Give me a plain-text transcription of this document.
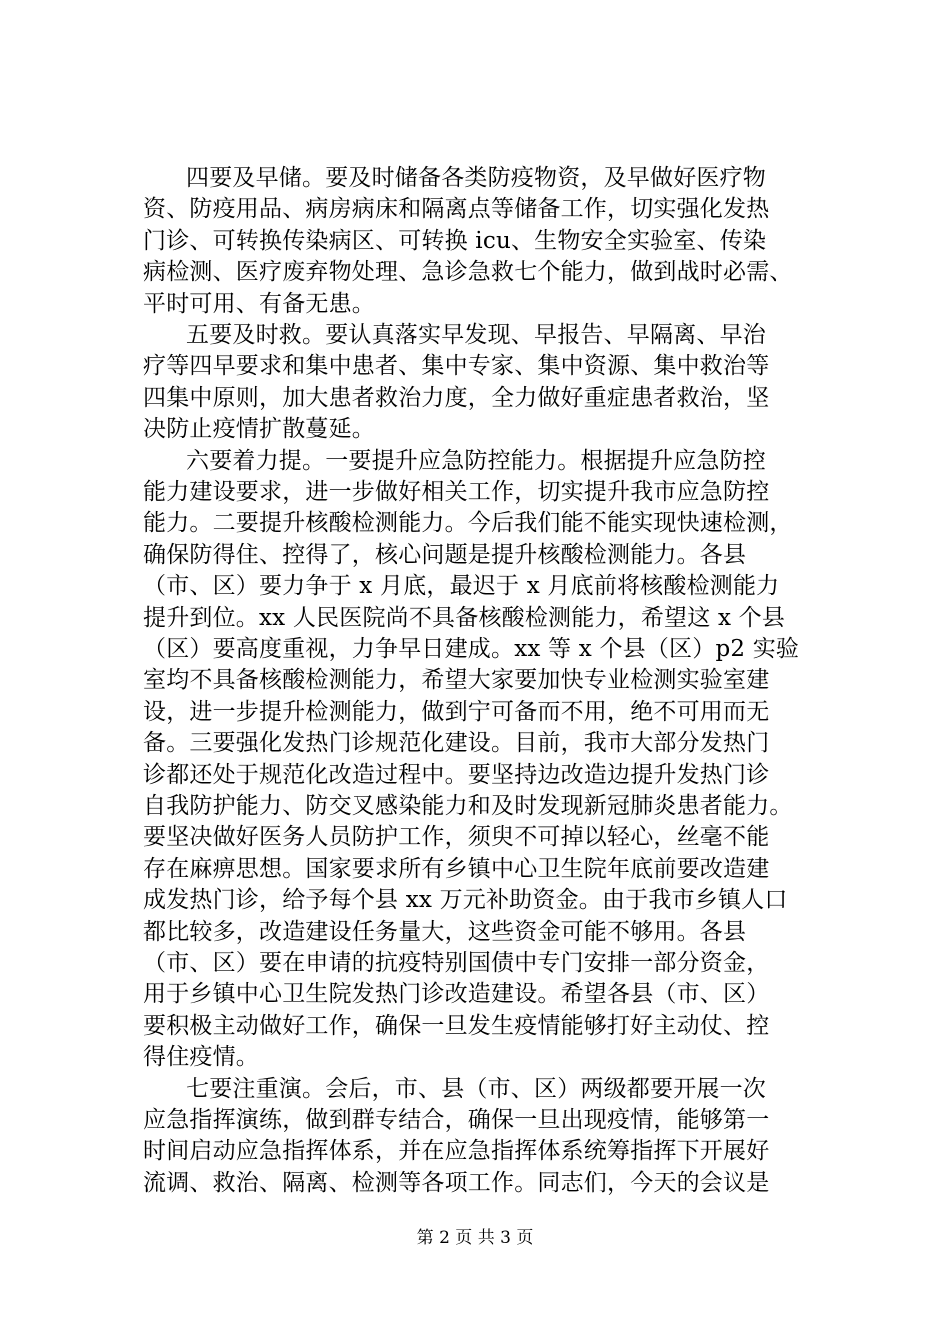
四要及早储。要及时储备各类防疫物资，及早做好医疗物
资、防疫用品、病房病床和隔离点等储备工作，切实强化发热
门诊、可转换传染病区、可转换 icu、生物安全实验室、传染
病检测、医疗废弃物处理、急诊急救七个能力，做到战时必需、
平时可用、有备无患。
五要及时救。要认真落实早发现、早报告、早隔离、早治
疗等四早要求和集中患者、集中专家、集中资源、集中救治等
四集中原则，加大患者救治力度，全力做好重症患者救治，坚
决防止疫情扩散蔓延。
六要着力提。一要提升应急防控能力。根据提升应急防控
能力建设要求，进一步做好相关工作，切实提升我市应急防控
能力。二要提升核酸检测能力。今后我们能不能实现快速检测，
确保防得住、控得了，核心问题是提升核酸检测能力。各县
（市、区）要力争于 x 月底，最迟于 x 月底前将核酸检测能力
提升到位。xx 人民医院尚不具备核酸检测能力，希望这 x 个县
（区）要高度重视，力争早日建成。xx 等 x 个县（区）p2 实验
室均不具备核酸检测能力，希望大家要加快专业检测实验室建
设，进一步提升检测能力，做到宁可备而不用，绝不可用而无
备。三要强化发热门诊规范化建设。目前，我市大部分发热门
诊都还处于规范化改造过程中。要坚持边改造边提升发热门诊
自我防护能力、防交叉感染能力和及时发现新冠肺炎患者能力。
要坚决做好医务人员防护工作，须臾不可掉以轻心，丝毫不能
存在麻痹思想。国家要求所有乡镇中心卫生院年底前要改造建
成发热门诊，给予每个县 xx 万元补助资金。由于我市乡镇人口
都比较多，改造建设任务量大，这些资金可能不够用。各县
（市、区）要在申请的抗疫特别国债中专门安排一部分资金，
用于乡镇中心卫生院发热门诊改造建设。希望各县（市、区）
要积极主动做好工作，确保一旦发生疫情能够打好主动仗、控
得住疫情。
七要注重演。会后，市、县（市、区）两级都要开展一次
应急指挥演练，做到群专结合，确保一旦出现疫情，能够第一
时间启动应急指挥体系，并在应急指挥体系统筹指挥下开展好
流调、救治、隔离、检测等各项工作。同志们，今天的会议是
第 2 页 共 3 页
